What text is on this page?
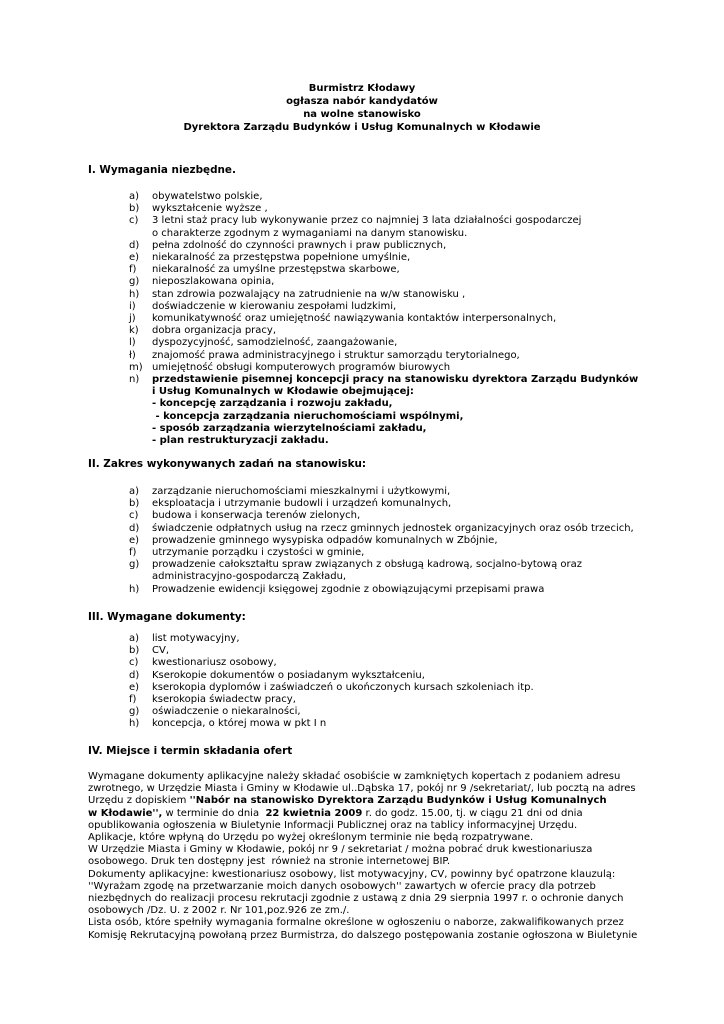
Burmistrz Kłodawy
ogłasza nabór kandydatów
na wolne stanowisko
Dyrektora Zarządu Budynków i Usług Komunalnych w Kłodawie
I. Wymagania niezbędne.
a) obywatelstwo polskie,
b) wykształcenie wyższe ,
c) 3 letni staż pracy lub wykonywanie przez co najmniej 3 lata działalności gospodarczej
o charakterze zgodnym z wymaganiami na danym stanowisku.
d) pełna zdolność do czynności prawnych i praw publicznych,
e) niekaralność za przestępstwa popełnione umyślnie,
f) niekaralność za umyślne przestępstwa skarbowe,
g) nieposzlakowana opinia,
h) stan zdrowia pozwalający na zatrudnienie na w/w stanowisku ,
i) doświadczenie w kierowaniu zespołami ludzkimi,
j) komunikatywność oraz umiejętność nawiązywania kontaktów interpersonalnych,
k) dobra organizacja pracy,
l) dyspozycyjność, samodzielność, zaangażowanie,
ł) znajomość prawa administracyjnego i struktur samorządu terytorialnego,
m) umiejętność obsługi komputerowych programów biurowych
n) przedstawienie pisemnej koncepcji pracy na stanowisku dyrektora Zarządu Budynków
i Usług Komunalnych w Kłodawie obejmującej:
- koncepcję zarządzania i rozwoju zakładu,
- koncepcja zarządzania nieruchomościami wspólnymi,
- sposób zarządzania wierzytelnościami zakładu,
- plan restrukturyzacji zakładu.
II. Zakres wykonywanych zadań na stanowisku:
a) zarządzanie nieruchomościami mieszkalnymi i użytkowymi,
b) eksploatacja i utrzymanie budowli i urządzeń komunalnych,
c) budowa i konserwacja terenów zielonych,
d) świadczenie odpłatnych usług na rzecz gminnych jednostek organizacyjnych oraz osób trzecich,
e) prowadzenie gminnego wysypiska odpadów komunalnych w Zbójnie,
f) utrzymanie porządku i czystości w gminie,
g) prowadzenie całokształtu spraw związanych z obsługą kadrową, socjalno-bytową oraz
administracyjno-gospodarczą Zakładu,
h) Prowadzenie ewidencji księgowej zgodnie z obowiązującymi przepisami prawa
III. Wymagane dokumenty:
a) list motywacyjny,
b) CV,
c) kwestionariusz osobowy,
d) Kserokopie dokumentów o posiadanym wykształceniu,
e) kserokopia dyplomów i zaświadczeń o ukończonych kursach szkoleniach itp.
f) kserokopia świadectw pracy,
g) oświadczenie o niekaralności,
h) koncepcja, o której mowa w pkt I n
IV. Miejsce i termin składania ofert
Wymagane dokumenty aplikacyjne należy składać osobiście w zamkniętych kopertach z podaniem adresu
zwrotnego, w Urzędzie Miasta i Gminy w Kłodawie ul..Dąbska 17, pokój nr 9 /sekretariat/, lub pocztą na adres
Urzędu z dopiskiem ''Nabór na stanowisko Dyrektora Zarządu Budynków i Usług Komunalnych
w Kłodawie'', w terminie do dnia  22 kwietnia 2009 r. do godz. 15.00, tj. w ciągu 21 dni od dnia
opublikowania ogłoszenia w Biuletynie Informacji Publicznej oraz na tablicy informacyjnej Urzędu.
Aplikacje, które wpłyną do Urzędu po wyżej określonym terminie nie będą rozpatrywane.
W Urzędzie Miasta i Gminy w Kłodawie, pokój nr 9 / sekretariat / można pobrać druk kwestionariusza
osobowego. Druk ten dostępny jest  również na stronie internetowej BIP.
Dokumenty aplikacyjne: kwestionariusz osobowy, list motywacyjny, CV, powinny być opatrzone klauzulą:
''Wyrażam zgodę na przetwarzanie moich danych osobowych'' zawartych w ofercie pracy dla potrzeb
niezbędnych do realizacji procesu rekrutacji zgodnie z ustawą z dnia 29 sierpnia 1997 r. o ochronie danych
osobowych /Dz. U. z 2002 r. Nr 101,poz.926 ze zm./.
Lista osób, które spełniły wymagania formalne określone w ogłoszeniu o naborze, zakwalifikowanych przez
Komisję Rekrutacyjną powołaną przez Burmistrza, do dalszego postępowania zostanie ogłoszona w Biuletynie
